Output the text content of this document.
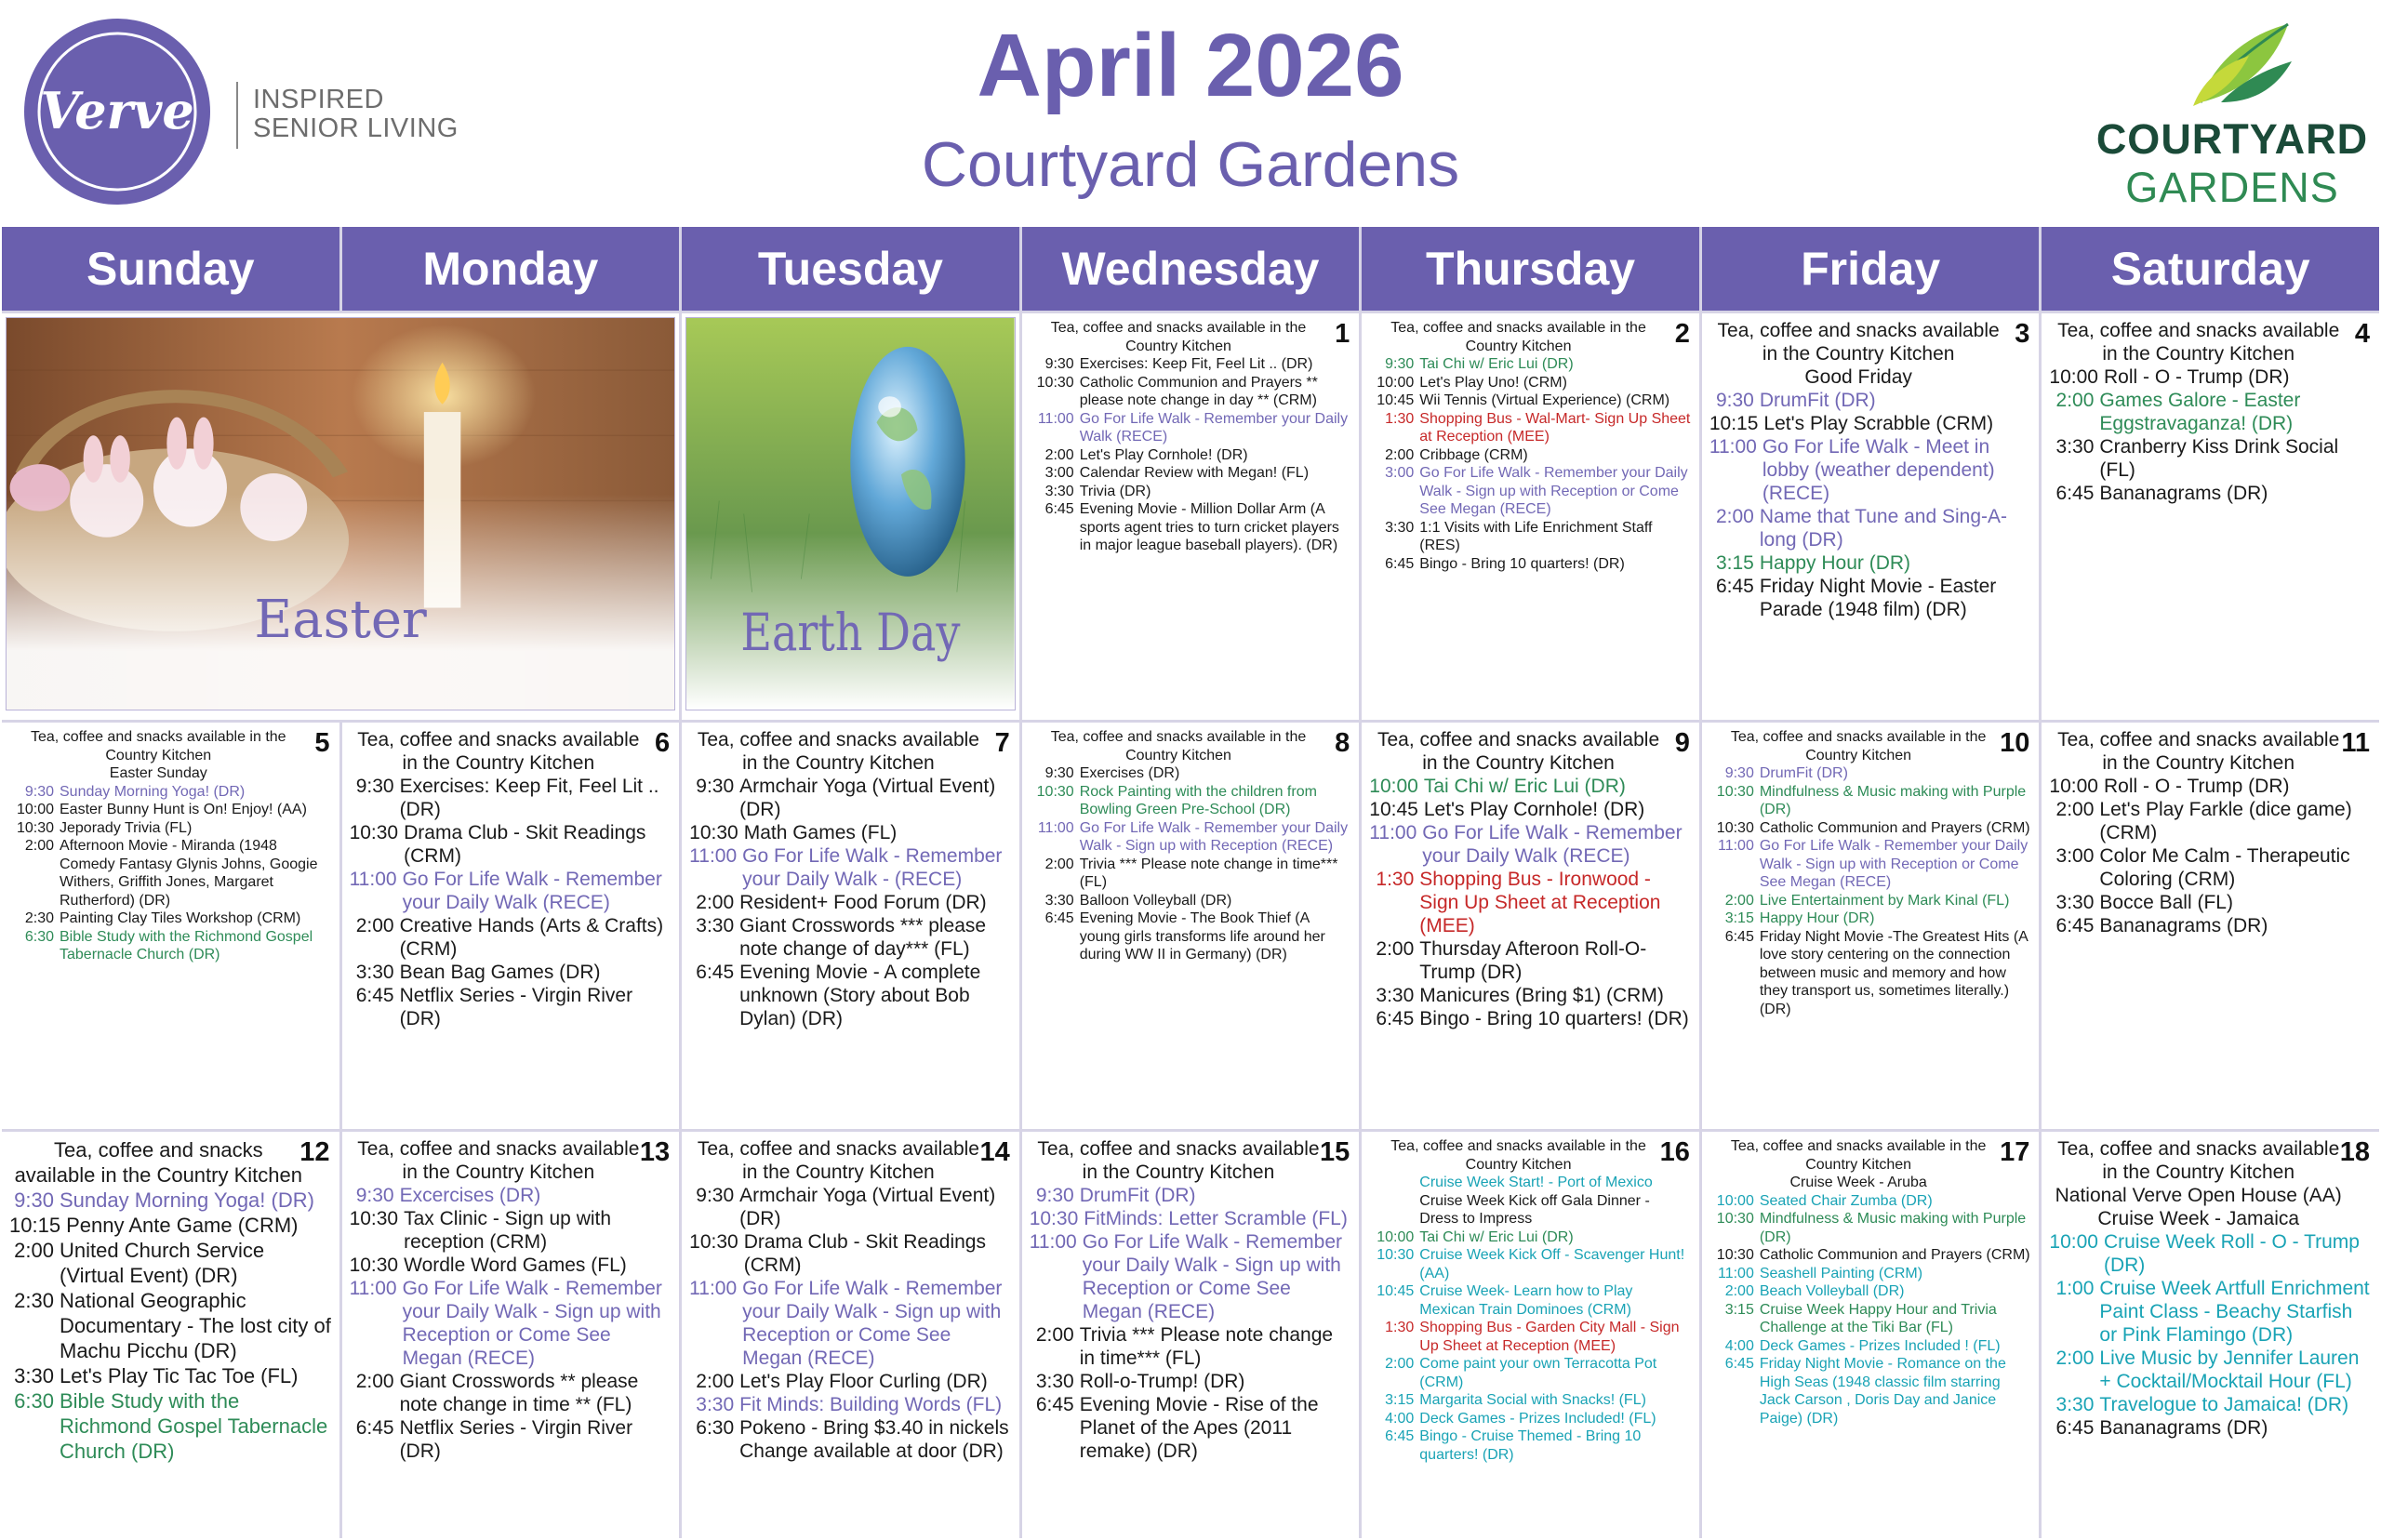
Verve INSPIRED
SENIOR LIVING
April 2026
Courtyard Gardens	COURTYARD
GARDENS
Sunday	Monday	Tuesday	Wednesday	Thursday	Friday	Saturday
Easter	Earth Day
1
Tea, coffee and snacks available in the Country Kitchen
9:30 Exercises: Keep Fit, Feel Lit .. (DR)
10:30 Catholic Communion and Prayers ** please note change in day ** (CRM)
11:00 Go For Life Walk - Remember your Daily Walk (RECE)
2:00 Let's Play Cornhole! (DR)
3:00 Calendar Review with Megan! (FL)
3:30 Trivia (DR)
6:45 Evening Movie - Million Dollar Arm (A sports agent tries to turn cricket players in major league baseball players). (DR)
2
Tea, coffee and snacks available in the Country Kitchen
9:30 Tai Chi w/ Eric Lui (DR)
10:00 Let's Play Uno! (CRM)
10:45 Wii Tennis (Virtual Experience) (CRM)
1:30 Shopping Bus - Wal-Mart- Sign Up Sheet at Reception (MEE)
2:00 Cribbage (CRM)
3:00 Go For Life Walk - Remember your Daily Walk - Sign up with Reception or Come See Megan (RECE)
3:30 1:1 Visits with Life Enrichment Staff (RES)
6:45 Bingo - Bring 10 quarters! (DR)
3
Tea, coffee and snacks available in the Country Kitchen
Good Friday
9:30 DrumFit (DR)
10:15 Let's Play Scrabble (CRM)
11:00 Go For Life Walk - Meet in lobby (weather dependent) (RECE)
2:00 Name that Tune and Sing-A-long (DR)
3:15 Happy Hour (DR)
6:45 Friday Night Movie - Easter Parade (1948 film) (DR)
4
Tea, coffee and snacks available in the Country Kitchen
10:00 Roll - O - Trump (DR)
2:00 Games Galore - Easter Eggstravaganza! (DR)
3:30 Cranberry Kiss Drink Social (FL)
6:45 Bananagrams (DR)
5
Tea, coffee and snacks available in the Country Kitchen
Easter Sunday
9:30 Sunday Morning Yoga! (DR)
10:00 Easter Bunny Hunt is On! Enjoy! (AA)
10:30 Jeporady Trivia (FL)
2:00 Afternoon Movie - Miranda (1948 Comedy Fantasy Glynis Johns, Googie Withers, Griffith Jones, Margaret Rutherford) (DR)
2:30 Painting Clay Tiles Workshop (CRM)
6:30 Bible Study with the Richmond Gospel Tabernacle Church (DR)
6
Tea, coffee and snacks available in the Country Kitchen
9:30 Exercises: Keep Fit, Feel Lit .. (DR)
10:30 Drama Club - Skit Readings (CRM)
11:00 Go For Life Walk - Remember your Daily Walk (RECE)
2:00 Creative Hands (Arts & Crafts) (CRM)
3:30 Bean Bag Games (DR)
6:45 Netflix Series - Virgin River (DR)
7
Tea, coffee and snacks available in the Country Kitchen
9:30 Armchair Yoga (Virtual Event) (DR)
10:30 Math Games (FL)
11:00 Go For Life Walk - Remember your Daily Walk - (RECE)
2:00 Resident+ Food Forum (DR)
3:30 Giant Crosswords *** please note change of day*** (FL)
6:45 Evening Movie - A complete unknown (Story about Bob Dylan) (DR)
8
Tea, coffee and snacks available in the Country Kitchen
9:30 Exercises (DR)
10:30 Rock Painting with the children from Bowling Green Pre-School (DR)
11:00 Go For Life Walk - Remember your Daily Walk - Sign up with Reception (RECE)
2:00 Trivia *** Please note change in time*** (FL)
3:30 Balloon Volleyball (DR)
6:45 Evening Movie - The Book Thief (A young girls transforms life around her during WW II in Germany) (DR)
9
Tea, coffee and snacks available in the Country Kitchen
10:00 Tai Chi w/ Eric Lui (DR)
10:45 Let's Play Cornhole! (DR)
11:00 Go For Life Walk - Remember your Daily Walk (RECE)
1:30 Shopping Bus - Ironwood - Sign Up Sheet at Reception (MEE)
2:00 Thursday Afteroon Roll-O-Trump (DR)
3:30 Manicures (Bring $1) (CRM)
6:45 Bingo - Bring 10 quarters! (DR)
10
Tea, coffee and snacks available in the Country Kitchen
9:30 DrumFit (DR)
10:30 Mindfulness & Music making with Purple (DR)
10:30 Catholic Communion and Prayers (CRM)
11:00 Go For Life Walk - Remember your Daily Walk - Sign up with Reception or Come See Megan (RECE)
2:00 Live Entertainment by Mark Kinal (FL)
3:15 Happy Hour (DR)
6:45 Friday Night Movie -The Greatest Hits (A love story centering on the connection between music and memory and how they transport us, sometimes literally.) (DR)
11
Tea, coffee and snacks available in the Country Kitchen
10:00 Roll - O - Trump (DR)
2:00 Let's Play Farkle (dice game) (CRM)
3:00 Color Me Calm - Therapeutic Coloring (CRM)
3:30 Bocce Ball (FL)
6:45 Bananagrams (DR)
12
Tea, coffee and snacks available in the Country Kitchen
9:30 Sunday Morning Yoga! (DR)
10:15 Penny Ante Game (CRM)
2:00 United Church Service (Virtual Event) (DR)
2:30 National Geographic Documentary - The lost city of Machu Picchu (DR)
3:30 Let's Play Tic Tac Toe (FL)
6:30 Bible Study with the Richmond Gospel Tabernacle Church (DR)
13
Tea, coffee and snacks available in the Country Kitchen
9:30 Excercises (DR)
10:30 Tax Clinic - Sign up with reception (CRM)
10:30 Wordle Word Games (FL)
11:00 Go For Life Walk - Remember your Daily Walk - Sign up with Reception or Come See Megan (RECE)
2:00 Giant Crosswords ** please note change in time ** (FL)
6:45 Netflix Series - Virgin River (DR)
14
Tea, coffee and snacks available in the Country Kitchen
9:30 Armchair Yoga (Virtual Event) (DR)
10:30 Drama Club - Skit Readings (CRM)
11:00 Go For Life Walk - Remember your Daily Walk - Sign up with Reception or Come See Megan (RECE)
2:00 Let's Play Floor Curling (DR)
3:30 Fit Minds: Building Words (FL)
6:30 Pokeno - Bring $3.40 in nickels Change available at door (DR)
15
Tea, coffee and snacks available in the Country Kitchen
9:30 DrumFit (DR)
10:30 FitMinds: Letter Scramble (FL)
11:00 Go For Life Walk - Remember your Daily Walk - Sign up with Reception or Come See Megan (RECE)
2:00 Trivia *** Please note change in time*** (FL)
3:30 Roll-o-Trump! (DR)
6:45 Evening Movie - Rise of the Planet of the Apes (2011 remake) (DR)
16
Tea, coffee and snacks available in the Country Kitchen
Cruise Week Start! - Port of Mexico
Cruise Week Kick off Gala Dinner - Dress to Impress
10:00 Tai Chi w/ Eric Lui (DR)
10:30 Cruise Week Kick Off - Scavenger Hunt! (AA)
10:45 Cruise Week- Learn how to Play Mexican Train Dominoes (CRM)
1:30 Shopping Bus - Garden City Mall - Sign Up Sheet at Reception (MEE)
2:00 Come paint your own Terracotta Pot (CRM)
3:15 Margarita Social with Snacks! (FL)
4:00 Deck Games - Prizes Included! (FL)
6:45 Bingo - Cruise Themed - Bring 10 quarters! (DR)
17
Tea, coffee and snacks available in the Country Kitchen
Cruise Week - Aruba
10:00 Seated Chair Zumba (DR)
10:30 Mindfulness & Music making with Purple (DR)
10:30 Catholic Communion and Prayers (CRM)
11:00 Seashell Painting (CRM)
2:00 Beach Volleyball (DR)
3:15 Cruise Week Happy Hour and Trivia Challenge at the Tiki Bar (FL)
4:00 Deck Games - Prizes Included ! (FL)
6:45 Friday Night Movie - Romance on the High Seas (1948 classic film starring Jack Carson , Doris Day and Janice Paige) (DR)
18
Tea, coffee and snacks available in the Country Kitchen
National Verve Open House (AA)
Cruise Week - Jamaica
10:00 Cruise Week Roll - O - Trump (DR)
1:00 Cruise Week Artfull Enrichment Paint Class - Beachy Starfish or Pink Flamingo (DR)
2:00 Live Music by Jennifer Lauren + Cocktail/Mocktail Hour (FL)
3:30 Travelogue to Jamaica! (DR)
6:45 Bananagrams (DR)
